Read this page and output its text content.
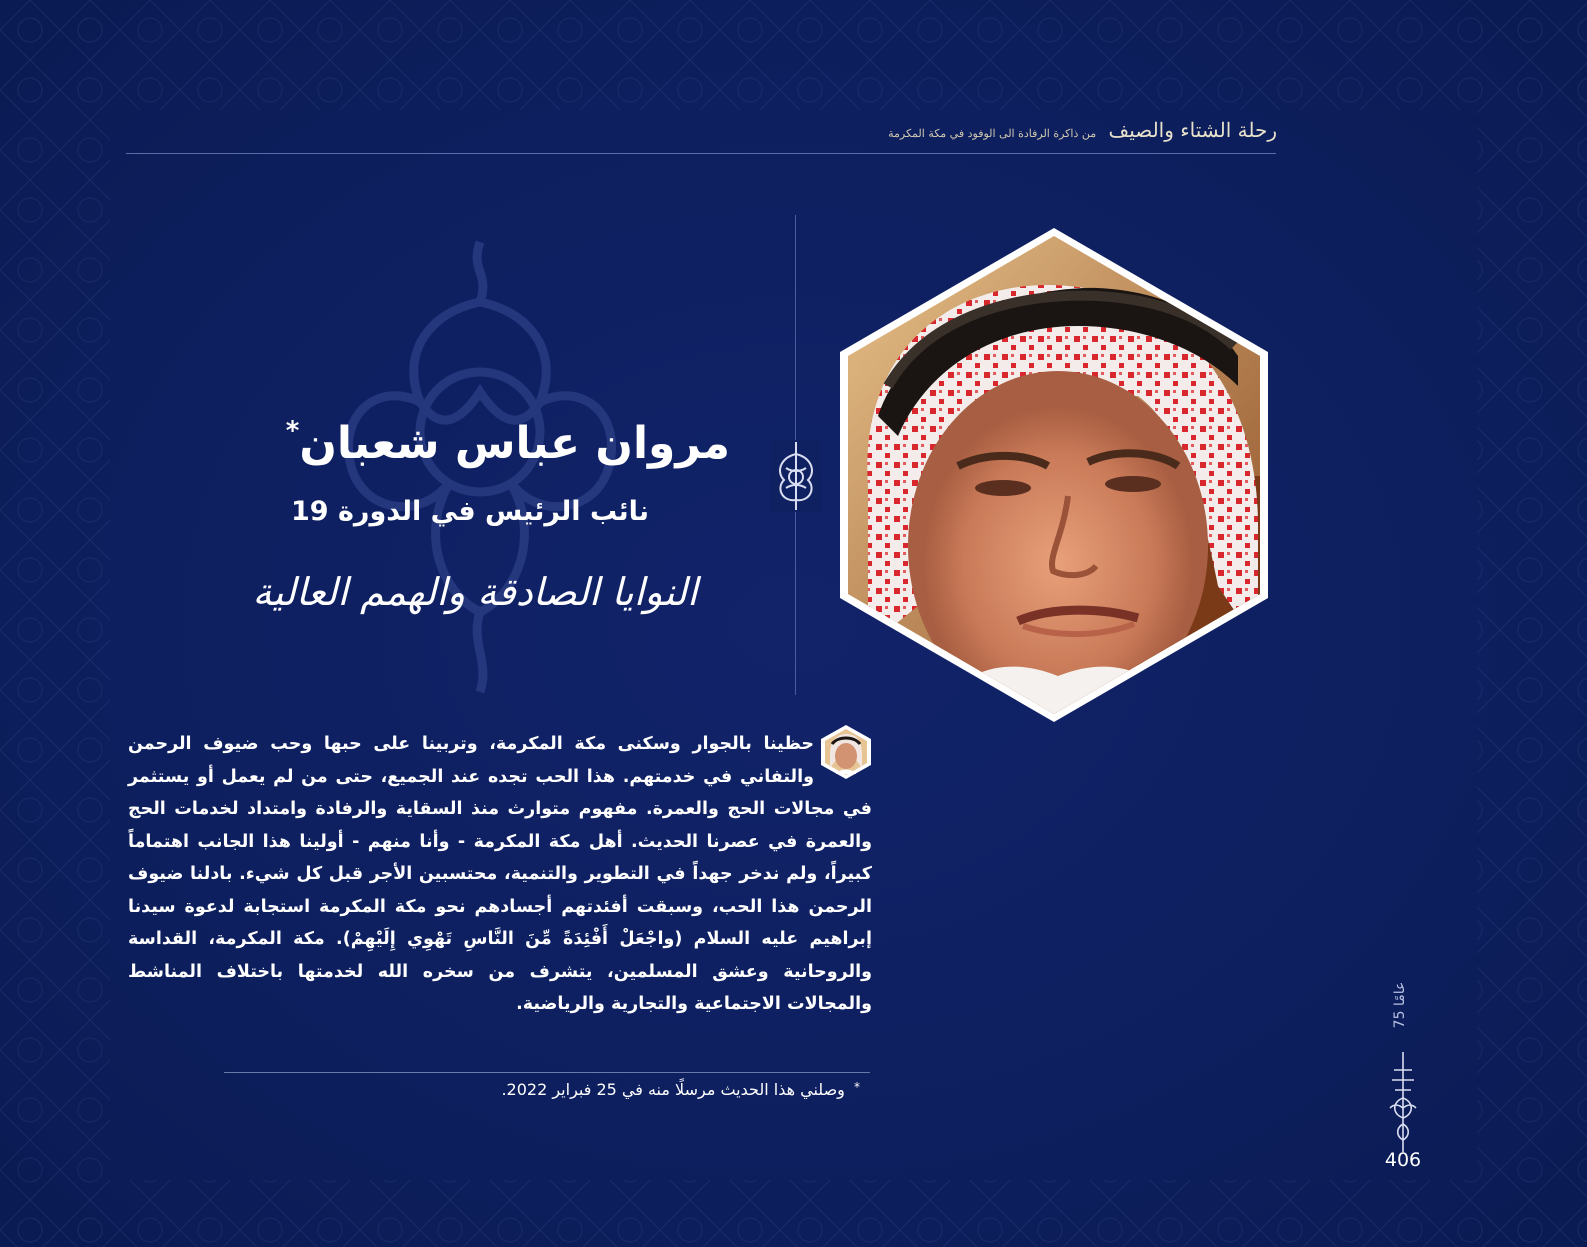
رحلة الشتاء والصيف من ذاكرة الرفادة الى الوفود في مكة المكرمة
مروان عباس شعبان*
نائب الرئيس في الدورة 19
النوايا الصادقة والهمم العالية
حظينا بالجوار وسكنى مكة المكرمة، وتربينا على حبها وحب ضيوف الرحمن والتفاني في خدمتهم. هذا الحب تجده عند الجميع، حتى من لم يعمل أو يستثمر في مجالات الحج والعمرة. مفهوم متوارث منذ السقاية والرفادة وامتداد لخدمات الحج والعمرة في عصرنا الحديث. أهل مكة المكرمة - وأنا منهم - أولينا هذا الجانب اهتماماً كبيراً، ولم ندخر جهداً في التطوير والتنمية، محتسبين الأجر قبل كل شيء. بادلنا ضيوف الرحمن هذا الحب، وسبقت أفئدتهم أجسادهم نحو مكة المكرمة استجابة لدعوة سيدنا إبراهيم عليه السلام (واجْعَلْ أَفْئِدَةً مِّنَ النَّاسِ تَهْوِي إِلَيْهِمْ). مكة المكرمة، القداسة والروحانية وعشق المسلمين، يتشرف من سخره الله لخدمتها باختلاف المناشط والمجالات الاجتماعية والتجارية والرياضية.
* وصلني هذا الحديث مرسلًا منه في 25 فبراير 2022.
75 عامًا
406
